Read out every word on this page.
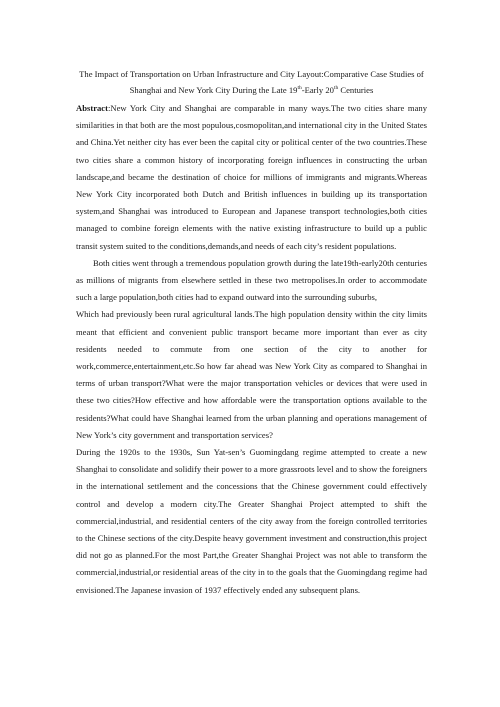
The Impact of Transportation on Urban Infrastructure and City Layout:Comparative Case Studies of Shanghai and New York City During the Late 19th-Early 20th Centuries

Abstract:New York City and Shanghai are comparable in many ways.The two cities share many similarities in that both are the most populous,cosmopolitan,and international city in the United States and China.Yet neither city has ever been the capital city or political center of the two countries.These two cities share a common history of incorporating foreign influences in constructing the urban landscape,and became the destination of choice for millions of immigrants and migrants.Whereas New York City incorporated both Dutch and British influences in building up its transportation system,and Shanghai was introduced to European and Japanese transport technologies,both cities managed to combine foreign elements with the native existing infrastructure to build up a public transit system suited to the conditions,demands,and needs of each city’s resident populations.

Both cities went through a tremendous population growth during the late19th-early20th centuries as millions of migrants from elsewhere settled in these two metropolises.In order to accommodate such a large population,both cities had to expand outward into the surrounding suburbs,

Which had previously been rural agricultural lands.The high population density within the city limits meant that efficient and convenient public transport became more important than ever as city residents needed to commute from one section of the city to another for work,commerce,entertainment,etc.So how far ahead was New York City as compared to Shanghai in terms of urban transport?What were the major transportation vehicles or devices that were used in these two cities?How effective and how affordable were the transportation options available to the residents?What could have Shanghai learned from the urban planning and operations management of New York’s city government and transportation services?

During the 1920s to the 1930s, Sun Yat-sen’s Guomingdang regime attempted to create a new Shanghai to consolidate and solidify their power to a more grassroots level and to show the foreigners in the international settlement and the concessions that the Chinese government could effectively control and develop a modern city.The Greater Shanghai Project attempted to shift the commercial,industrial, and residential centers of the city away from the foreign controlled territories to the Chinese sections of the city.Despite heavy government investment and construction,this project did not go as planned.For the most Part,the Greater Shanghai Project was not able to transform the commercial,industrial,or residential areas of the city in to the goals that the Guomingdang regime had envisioned.The Japanese invasion of 1937 effectively ended any subsequent plans.
